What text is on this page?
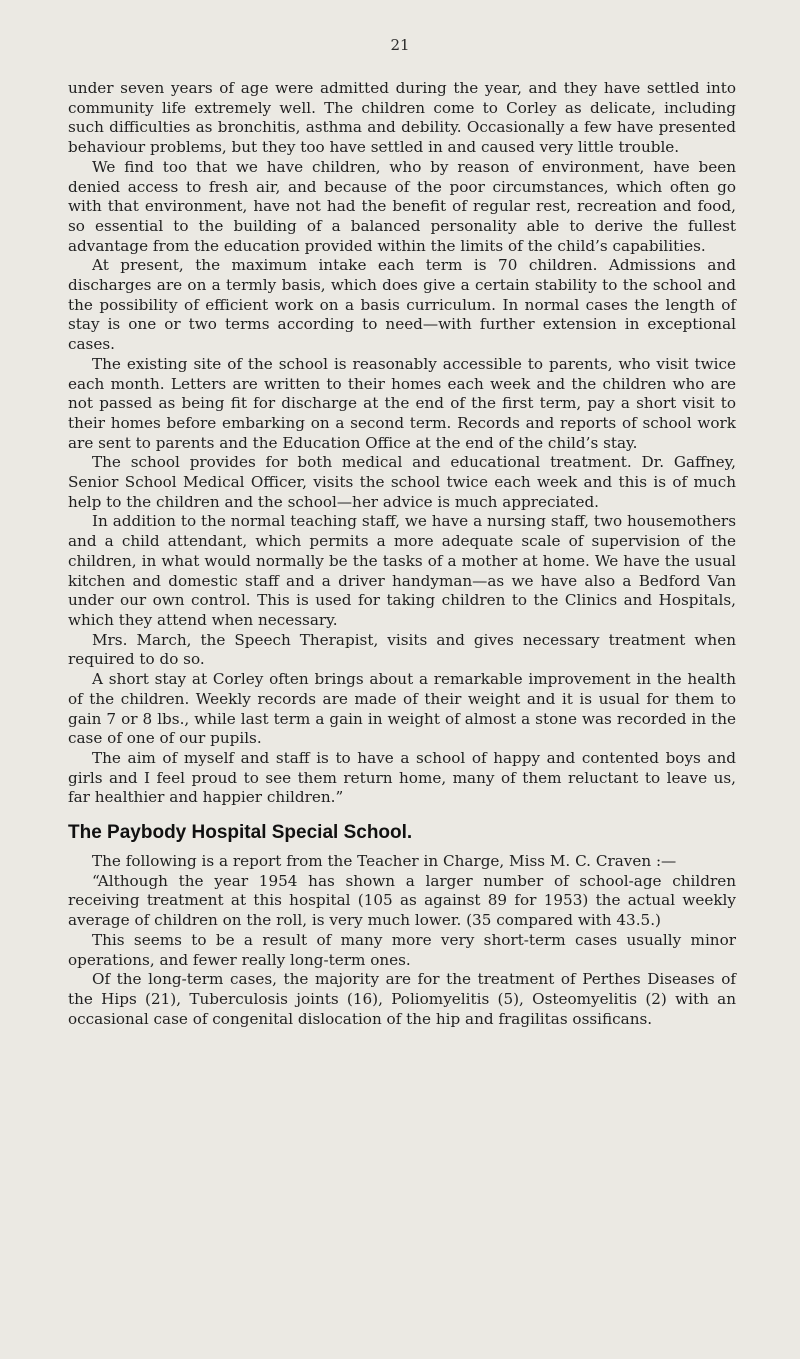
21

under seven years of age were admitted during the year, and they have settled into community life extremely well. The children come to Corley as delicate, including such difficulties as bronchitis, asthma and debility. Occasionally a few have presented behaviour problems, but they too have settled in and caused very little trouble.

We find too that we have children, who by reason of environment, have been denied access to fresh air, and because of the poor circumstances, which often go with that environment, have not had the benefit of regular rest, recreation and food, so essential to the building of a balanced personality able to derive the fullest advantage from the education provided within the limits of the child’s capabilities.

At present, the maximum intake each term is 70 children. Admissions and discharges are on a termly basis, which does give a certain stability to the school and the possibility of efficient work on a basis curriculum. In normal cases the length of stay is one or two terms according to need—with further extension in exceptional cases.

The existing site of the school is reasonably accessible to parents, who visit twice each month. Letters are written to their homes each week and the children who are not passed as being fit for discharge at the end of the first term, pay a short visit to their homes before embarking on a second term. Records and reports of school work are sent to parents and the Education Office at the end of the child’s stay.

The school provides for both medical and educational treatment. Dr. Gaffney, Senior School Medical Officer, visits the school twice each week and this is of much help to the children and the school—her advice is much appreciated.

In addition to the normal teaching staff, we have a nursing staff, two housemothers and a child attendant, which permits a more adequate scale of supervision of the children, in what would normally be the tasks of a mother at home. We have the usual kitchen and domestic staff and a driver handyman—as we have also a Bedford Van under our own control. This is used for taking children to the Clinics and Hospitals, which they attend when necessary.

Mrs. March, the Speech Therapist, visits and gives necessary treatment when required to do so.

A short stay at Corley often brings about a remarkable improvement in the health of the children. Weekly records are made of their weight and it is usual for them to gain 7 or 8 lbs., while last term a gain in weight of almost a stone was recorded in the case of one of our pupils.

The aim of myself and staff is to have a school of happy and contented boys and girls and I feel proud to see them return home, many of them reluctant to leave us, far healthier and happier children.”

The Paybody Hospital Special School.

The following is a report from the Teacher in Charge, Miss M. C. Craven :—

“Although the year 1954 has shown a larger number of school-age children receiving treatment at this hospital (105 as against 89 for 1953) the actual weekly average of children on the roll, is very much lower. (35 compared with 43.5.)

This seems to be a result of many more very short-term cases usually minor operations, and fewer really long-term ones.

Of the long-term cases, the majority are for the treatment of Perthes Diseases of the Hips (21), Tuberculosis joints (16), Poliomyelitis (5), Osteomyelitis (2) with an occasional case of congenital dislocation of the hip and fragilitas ossificans.
